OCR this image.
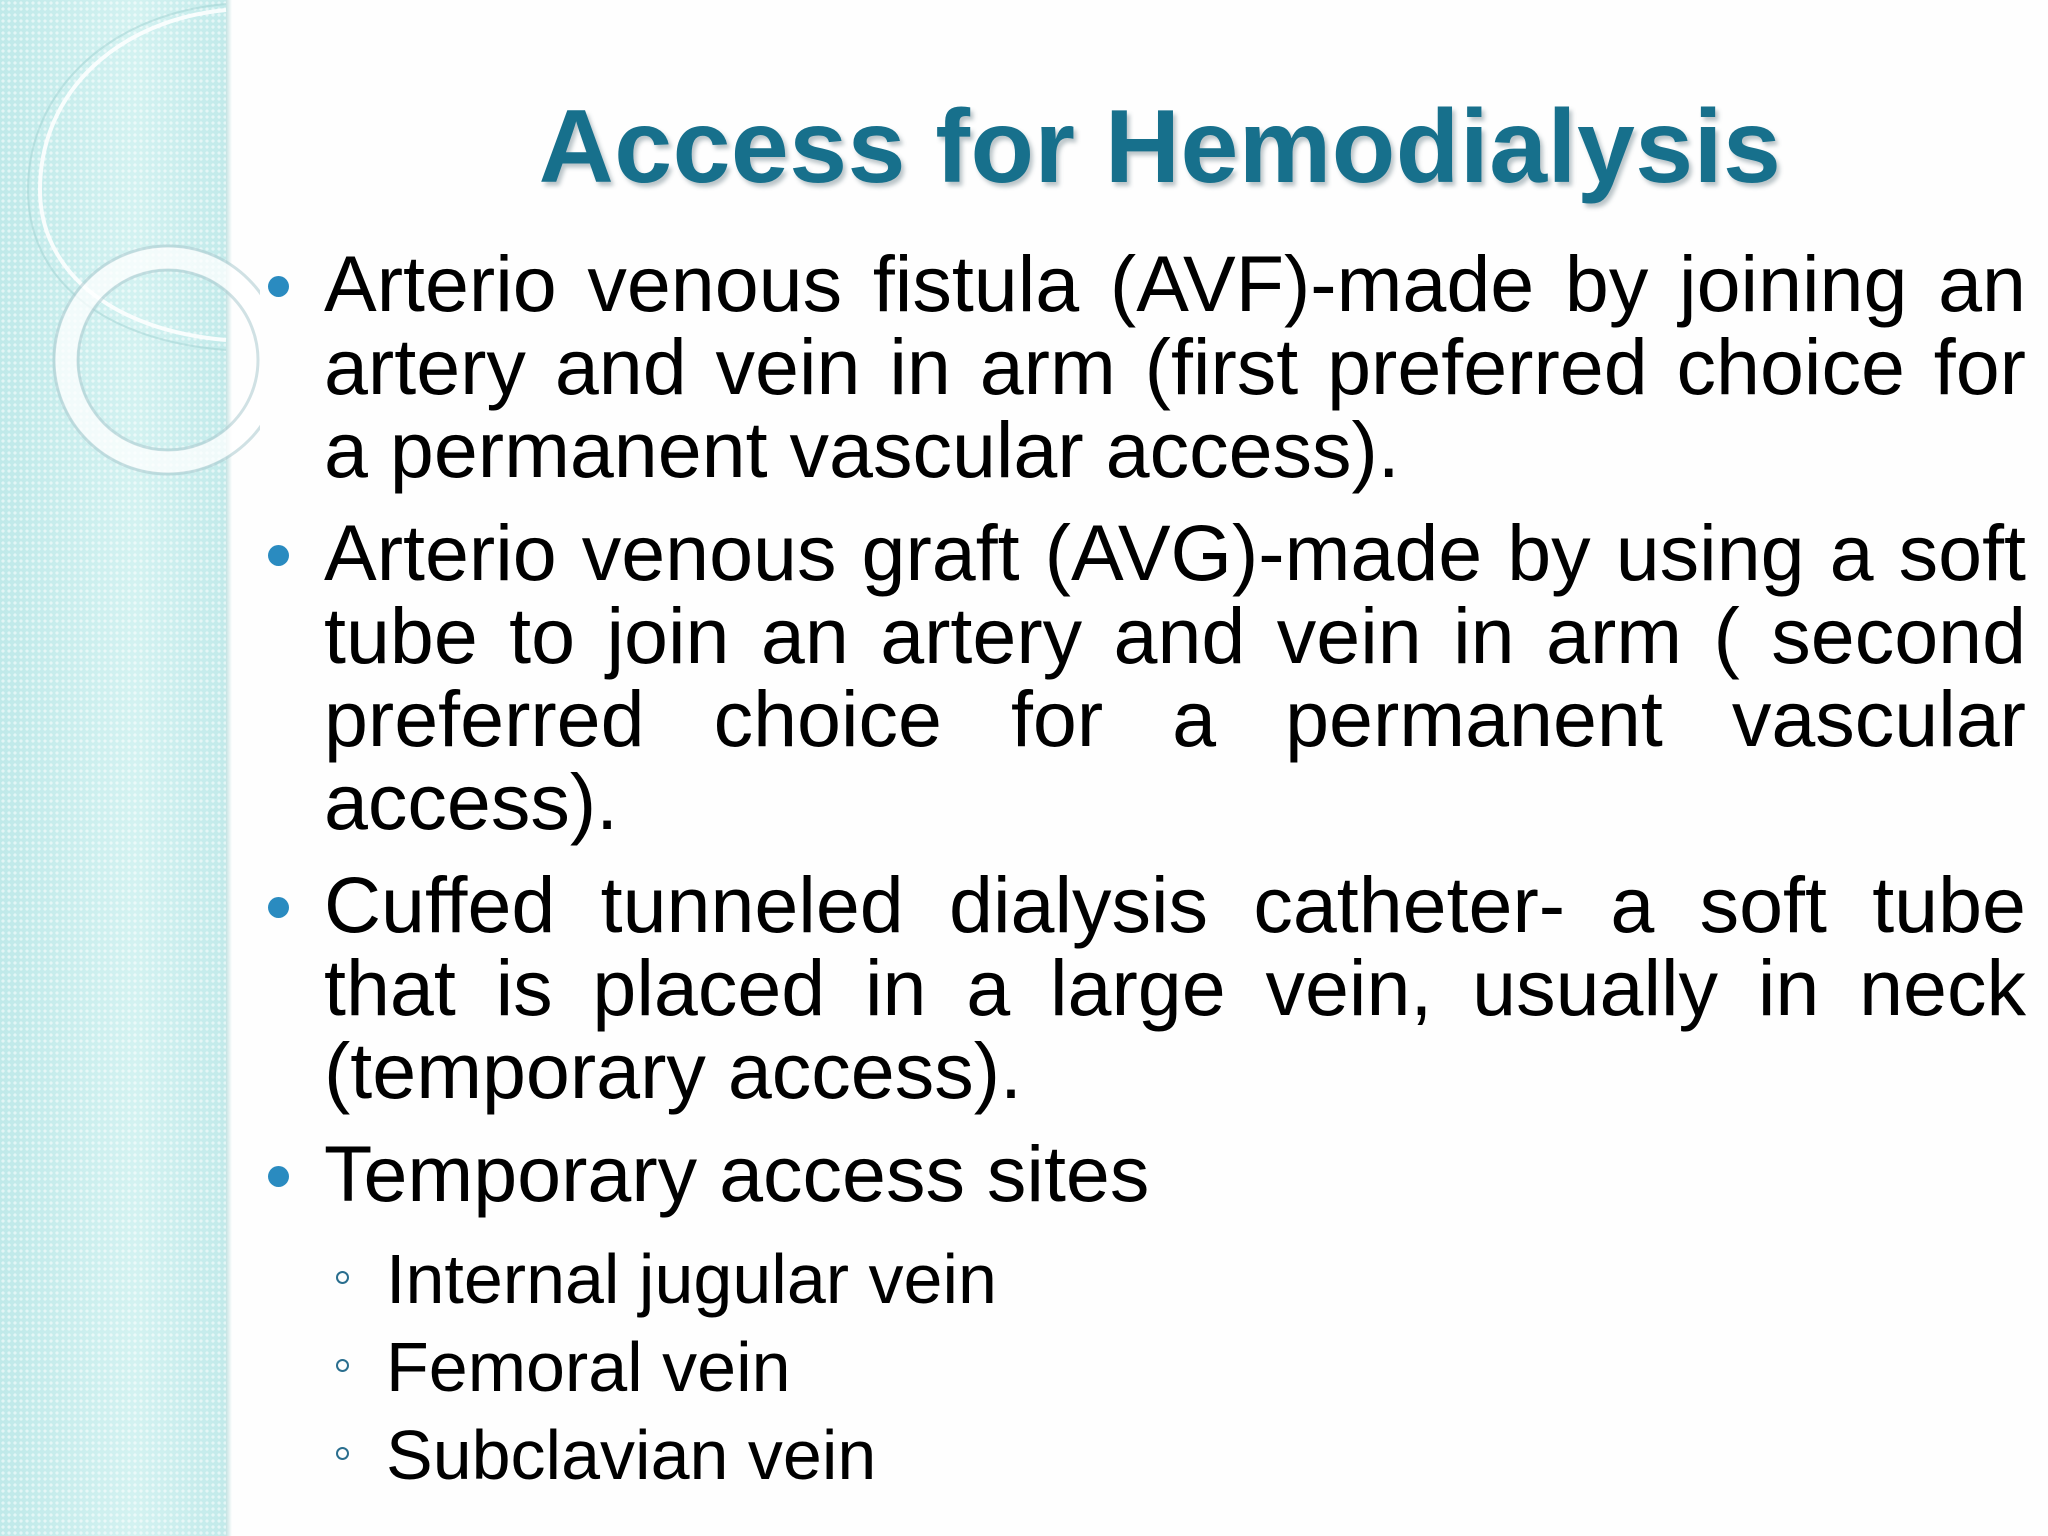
Access for Hemodialysis
Arterio venous fistula (AVF)-made by joining an artery and vein in arm (first preferred choice for a permanent vascular access).
Arterio venous graft (AVG)-made by using a soft tube to join an artery and vein in arm ( second preferred choice for a permanent vascular access).
Cuffed tunneled dialysis catheter- a soft tube that is placed in a large vein, usually in neck (temporary access).
Temporary access sites
Internal jugular vein
Femoral vein
Subclavian vein
